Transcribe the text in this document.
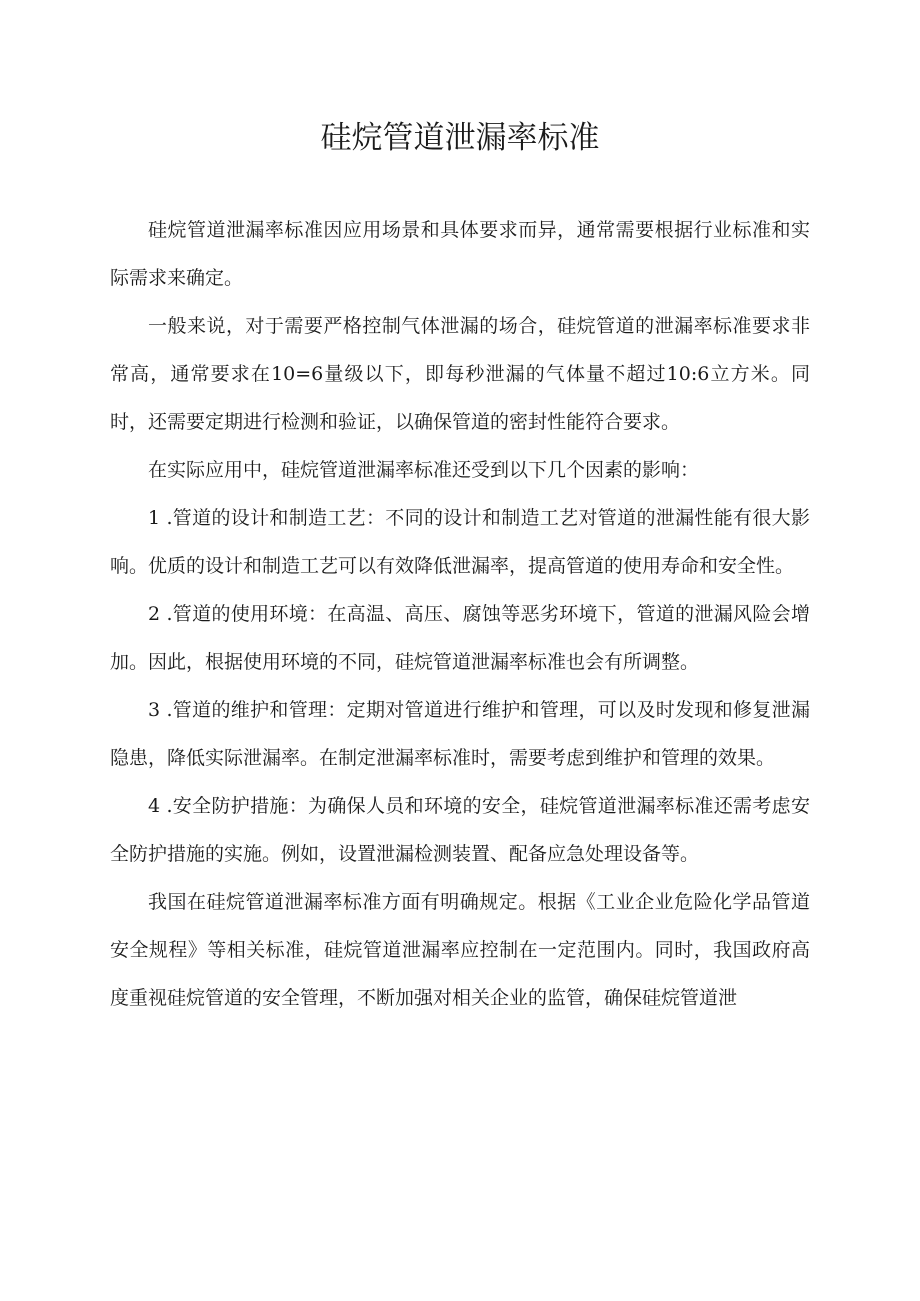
硅烷管道泄漏率标准

硅烷管道泄漏率标准因应用场景和具体要求而异，通常需要根据行业标准和实际需求来确定。

一般来说，对于需要严格控制气体泄漏的场合，硅烷管道的泄漏率标准要求非常高，通常要求在10=6量级以下，即每秒泄漏的气体量不超过10:6立方米。同时，还需要定期进行检测和验证，以确保管道的密封性能符合要求。

在实际应用中，硅烷管道泄漏率标准还受到以下几个因素的影响：

1 .管道的设计和制造工艺：不同的设计和制造工艺对管道的泄漏性能有很大影响。优质的设计和制造工艺可以有效降低泄漏率，提高管道的使用寿命和安全性。

2 .管道的使用环境：在高温、高压、腐蚀等恶劣环境下，管道的泄漏风险会增加。因此，根据使用环境的不同，硅烷管道泄漏率标准也会有所调整。

3 .管道的维护和管理：定期对管道进行维护和管理，可以及时发现和修复泄漏隐患，降低实际泄漏率。在制定泄漏率标准时，需要考虑到维护和管理的效果。

4 .安全防护措施：为确保人员和环境的安全，硅烷管道泄漏率标准还需考虑安全防护措施的实施。例如，设置泄漏检测装置、配备应急处理设备等。

我国在硅烷管道泄漏率标准方面有明确规定。根据《工业企业危险化学品管道安全规程》等相关标准，硅烷管道泄漏率应控制在一定范围内。同时，我国政府高度重视硅烷管道的安全管理，不断加强对相关企业的监管，确保硅烷管道泄
